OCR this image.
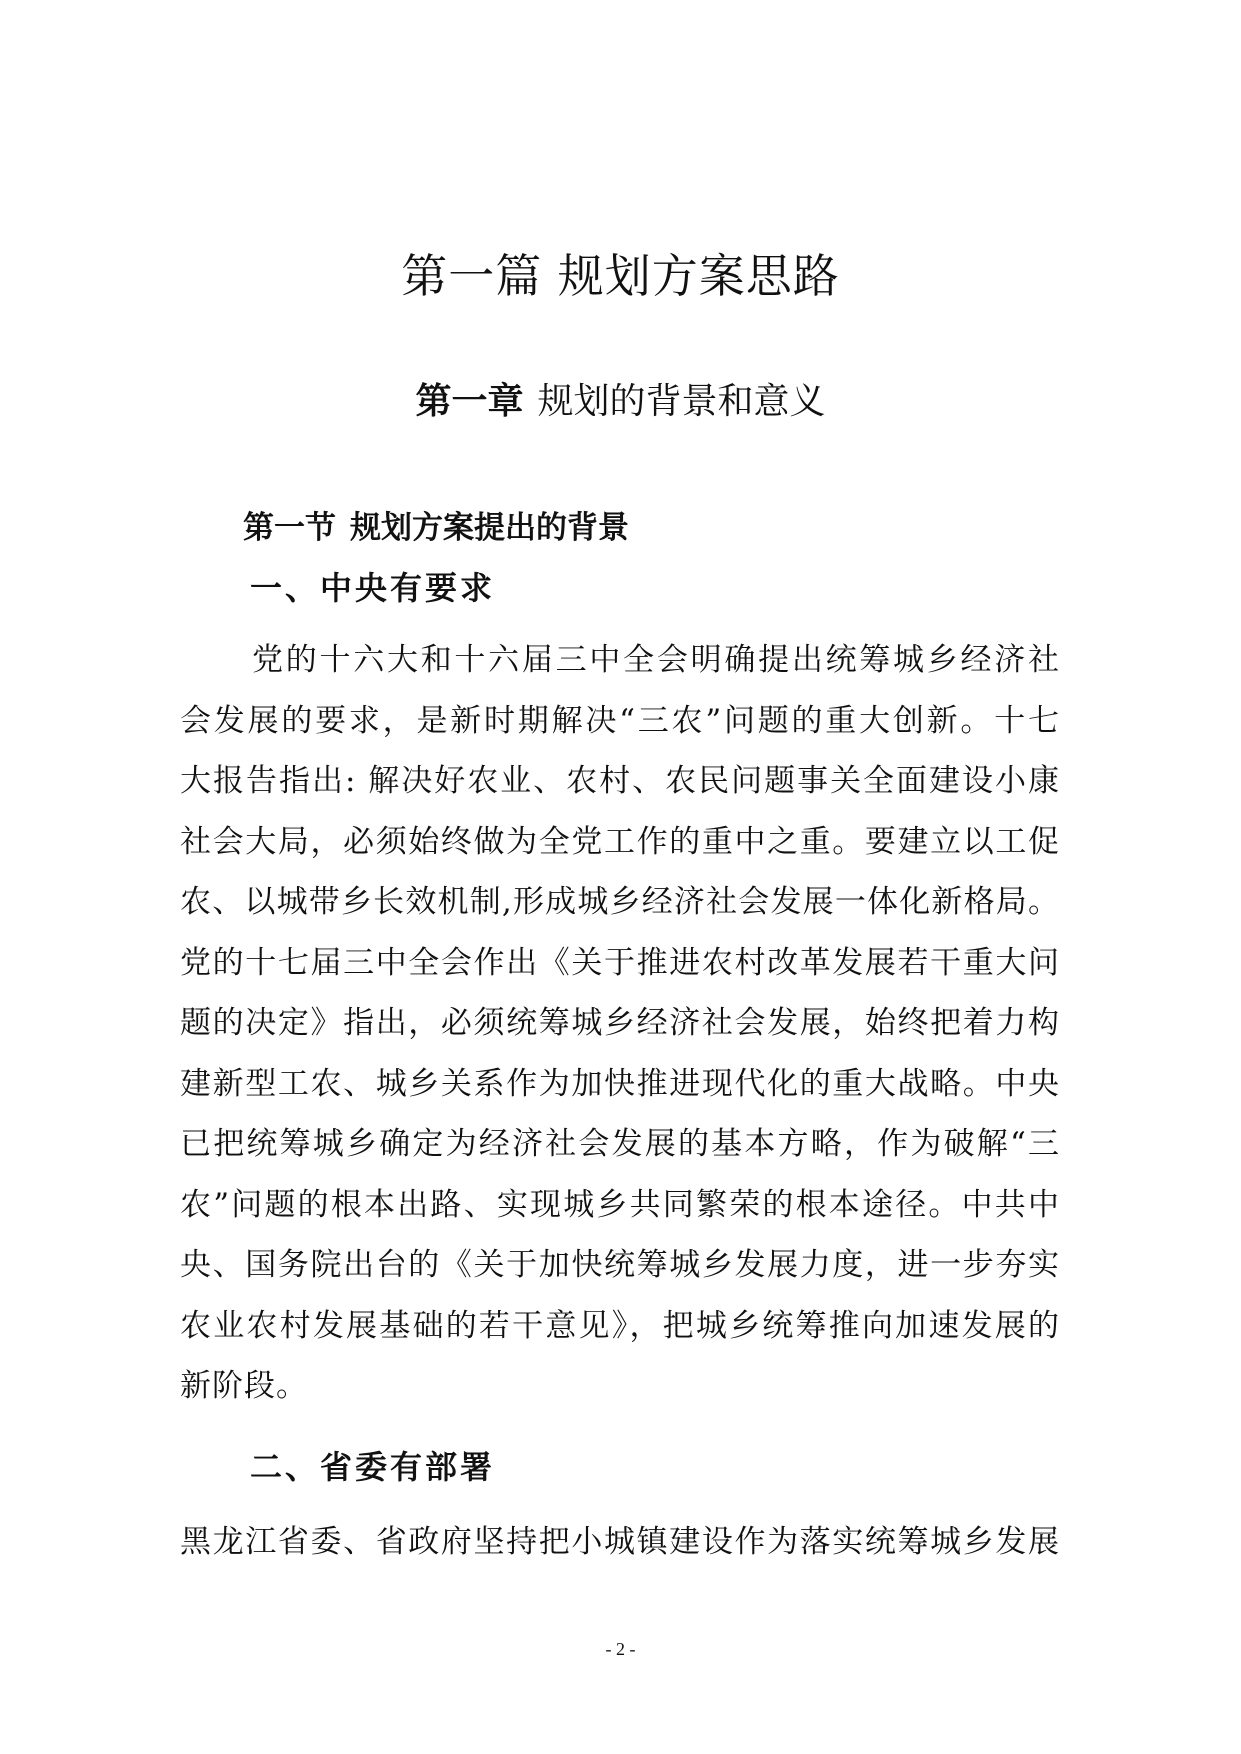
第一篇 规划方案思路
第一章 规划的背景和意义
第一节 规划方案提出的背景
一、中央有要求
党的十六大和十六届三中全会明确提出统筹城乡经济社
会发展的要求，是新时期解决“三农”问题的重大创新。十七
大报告指出: 解决好农业、农村、农民问题事关全面建设小康
社会大局，必须始终做为全党工作的重中之重。要建立以工促
农、以城带乡长效机制,形成城乡经济社会发展一体化新格局。
党的十七届三中全会作出《关于推进农村改革发展若干重大问
题的决定》指出，必须统筹城乡经济社会发展，始终把着力构
建新型工农、城乡关系作为加快推进现代化的重大战略。中央
已把统筹城乡确定为经济社会发展的基本方略，作为破解“三
农”问题的根本出路、实现城乡共同繁荣的根本途径。中共中
央、国务院出台的《关于加快统筹城乡发展力度，进一步夯实
农业农村发展基础的若干意见》，把城乡统筹推向加速发展的
新阶段。
二、省委有部署
黑龙江省委、省政府坚持把小城镇建设作为落实统筹城乡发展
- 2 -
